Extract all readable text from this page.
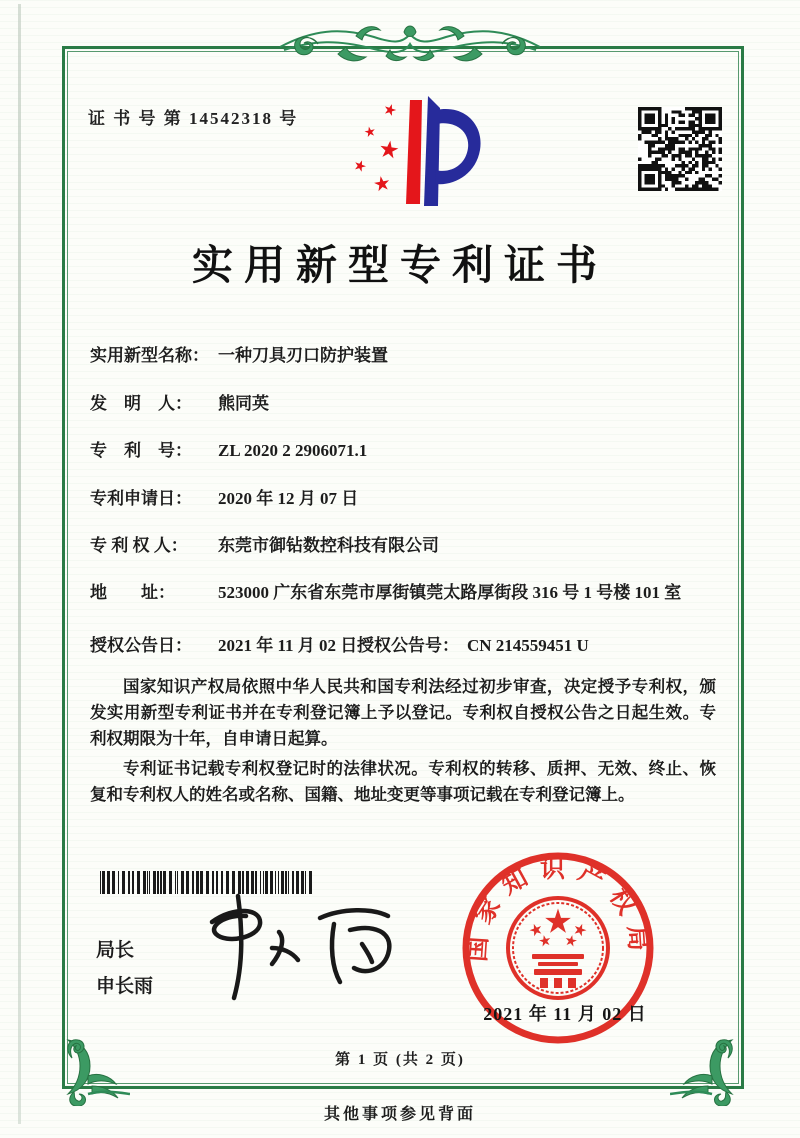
证 书 号 第 14542318 号
实用新型专利证书
实用新型名称： 一种刀具刃口防护装置
发　明　人：	熊同英
专　利　号：	ZL 2020 2 2906071.1
专利申请日：	2020 年 12 月 07 日
专 利 权 人：	东莞市御钻数控科技有限公司
地　　址：	523000 广东省东莞市厚街镇莞太路厚街段 316 号 1 号楼 101 室
授权公告日：	2021 年 11 月 02 日 授权公告号： CN 214559451 U

国家知识产权局依照中华人民共和国专利法经过初步审查，决定授予专利权，颁发实用新型专利证书并在专利登记簿上予以登记。专利权自授权公告之日起生效。专利权期限为十年，自申请日起算。

专利证书记载专利权登记时的法律状况。专利权的转移、质押、无效、终止、恢复和专利权人的姓名或名称、国籍、地址变更等事项记载在专利登记簿上。

局长
申长雨
国家知识产权局
2021 年 11 月 02 日
第 1 页 (共 2 页)
其他事项参见背面
